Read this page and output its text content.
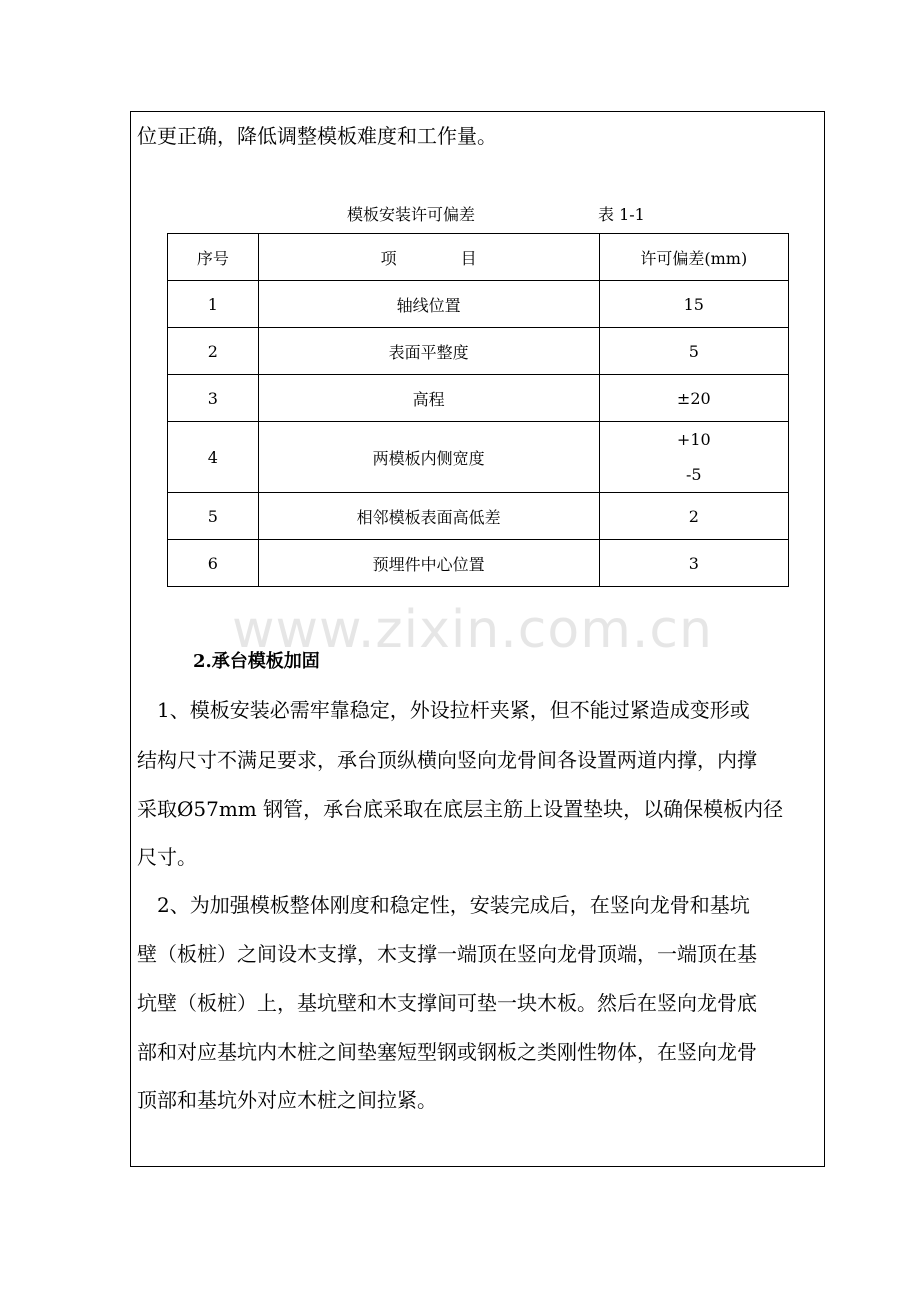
位更正确，降低调整模板难度和工作量。
模板安装许可偏差	表 1-1
序号	项　　　　目	许可偏差(mm)
1	轴线位置	15
2	表面平整度	5
3	高程	±20
4	两模板内侧宽度	+10
-5

5	相邻模板表面高低差	2
6	预埋件中心位置	3
www.zixin.com.cn
2.承台模板加固
　1、模板安装必需牢靠稳定，外设拉杆夹紧，但不能过紧造成变形或
结构尺寸不满足要求，承台顶纵横向竖向龙骨间各设置两道内撑，内撑
采取Ø57mm 钢管，承台底采取在底层主筋上设置垫块，以确保模板内径
尺寸。
　2、为加强模板整体刚度和稳定性，安装完成后，在竖向龙骨和基坑
壁（板桩）之间设木支撑，木支撑一端顶在竖向龙骨顶端，一端顶在基
坑壁（板桩）上，基坑壁和木支撑间可垫一块木板。然后在竖向龙骨底
部和对应基坑内木桩之间垫塞短型钢或钢板之类刚性物体，在竖向龙骨
顶部和基坑外对应木桩之间拉紧。
